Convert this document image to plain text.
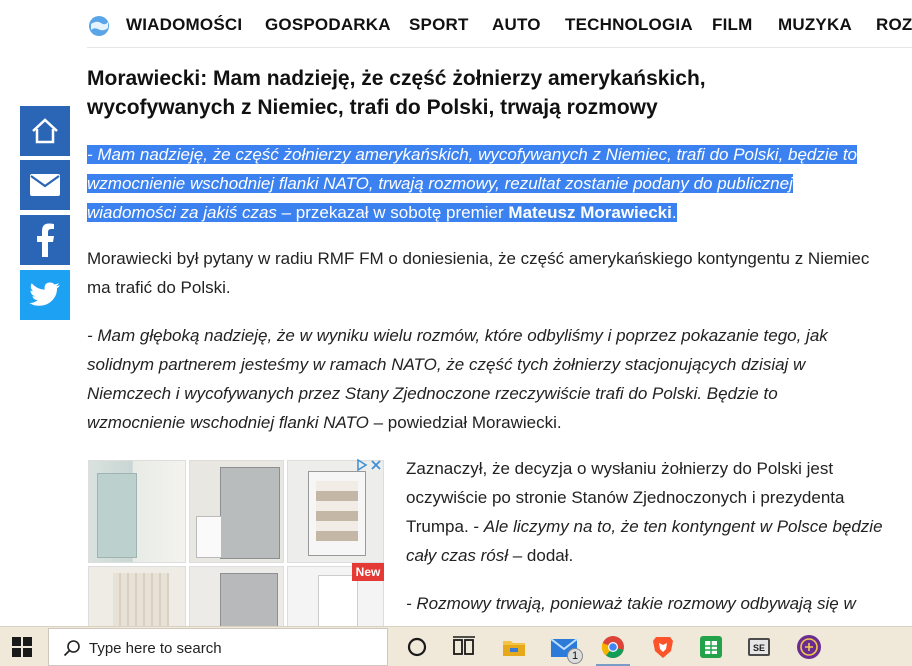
WIADOMOŚCI GOSPODARKA SPORT AUTO TECHNOLOGIA FILM MUZYKA ROZ
Morawiecki: Mam nadzieję, że część żołnierzy amerykańskich, wycofywanych z Niemiec, trafi do Polski, trwają rozmowy

- Mam nadzieję, że część żołnierzy amerykańskich, wycofywanych z Niemiec, trafi do Polski, będzie to wzmocnienie wschodniej flanki NATO, trwają rozmowy, rezultat zostanie podany do publicznej wiadomości za jakiś czas – przekazał w sobotę premier Mateusz Morawiecki.

Morawiecki był pytany w radiu RMF FM o doniesienia, że część amerykańskiego kontyngentu z Niemiec ma trafić do Polski.

- Mam głęboką nadzieję, że w wyniku wielu rozmów, które odbyliśmy i poprzez pokazanie tego, jak solidnym partnerem jesteśmy w ramach NATO, że część tych żołnierzy stacjonujących dzisiaj w Niemczech i wycofywanych przez Stany Zjednoczone rzeczywiście trafi do Polski. Będzie to wzmocnienie wschodniej flanki NATO – powiedział Morawiecki.

New

Zaznaczył, że decyzja o wysłaniu żołnierzy do Polski jest oczywiście po stronie Stanów Zjednoczonych i prezydenta Trumpa. - Ale liczymy na to, że ten kontyngent w Polsce będzie cały czas rósł – dodał.

- Rozmowy trwają, ponieważ takie rozmowy odbywają się w

Type here to search	1
SE
